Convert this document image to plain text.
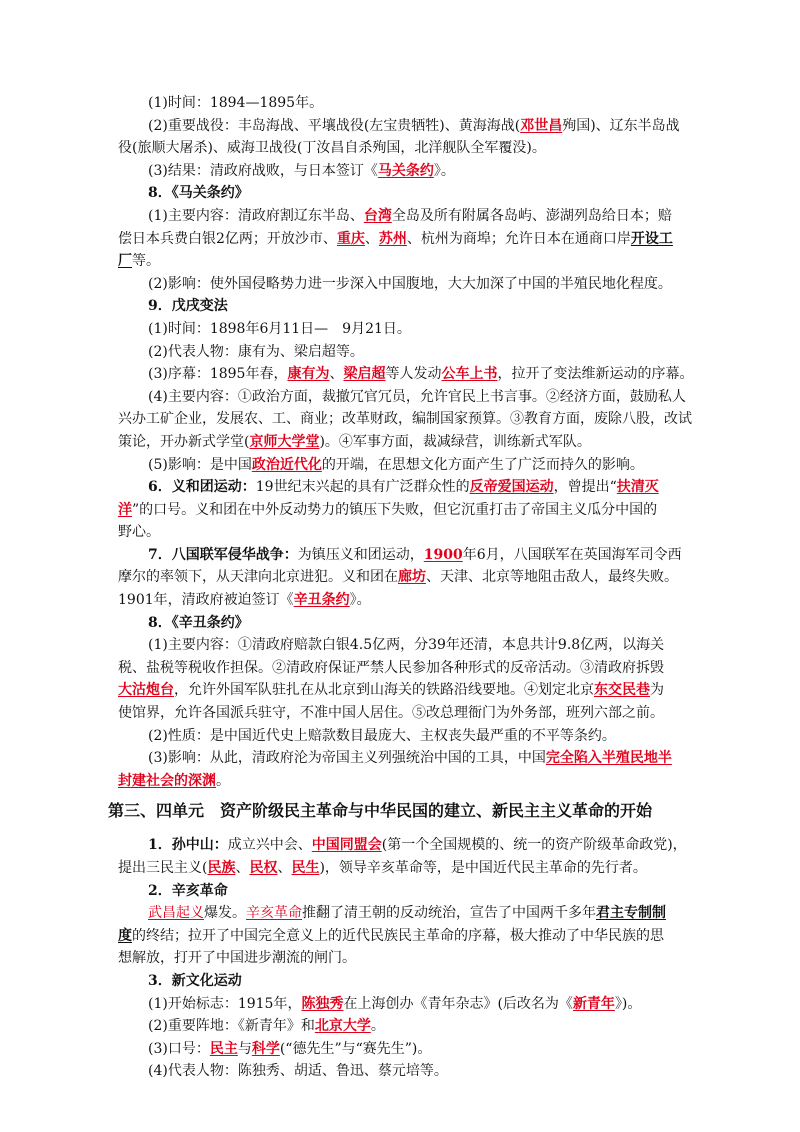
(1)时间：1894—1895年。
(2)重要战役：丰岛海战、平壤战役(左宝贵牺牲)、黄海海战(邓世昌殉国)、辽东半岛战
役(旅顺大屠杀)、威海卫战役(丁汝昌自杀殉国，北洋舰队全军覆没)。
(3)结果：清政府战败，与日本签订《马关条约》。
8．《马关条约》
(1)主要内容：清政府割辽东半岛、台湾全岛及所有附属各岛屿、澎湖列岛给日本；赔
偿日本兵费白银2亿两；开放沙市、重庆、苏州、杭州为商埠；允许日本在通商口岸开设工
厂等。
(2)影响：使外国侵略势力进一步深入中国腹地，大大加深了中国的半殖民地化程度。
9．戊戌变法
(1)时间：1898年6月11日—　9月21日。
(2)代表人物：康有为、梁启超等。
(3)序幕：1895年春，康有为、梁启超等人发动公车上书，拉开了变法维新运动的序幕。
(4)主要内容：①政治方面，裁撤冗官冗员，允许官民上书言事。②经济方面，鼓励私人
兴办工矿企业，发展农、工、商业；改革财政，编制国家预算。③教育方面，废除八股，改试
策论，开办新式学堂(京师大学堂)。④军事方面，裁减绿营，训练新式军队。
(5)影响：是中国政治近代化的开端，在思想文化方面产生了广泛而持久的影响。
6．义和团运动：19世纪末兴起的具有广泛群众性的反帝爱国运动，曾提出“扶清灭
洋”的口号。义和团在中外反动势力的镇压下失败，但它沉重打击了帝国主义瓜分中国的
野心。
7．八国联军侵华战争：为镇压义和团运动，1900年6月，八国联军在英国海军司令西
摩尔的率领下，从天津向北京进犯。义和团在廊坊、天津、北京等地阻击敌人，最终失败。
1901年，清政府被迫签订《辛丑条约》。
8．《辛丑条约》
(1)主要内容：①清政府赔款白银4.5亿两，分39年还清，本息共计9.8亿两，以海关
税、盐税等税收作担保。②清政府保证严禁人民参加各种形式的反帝活动。③清政府拆毁
大沽炮台，允许外国军队驻扎在从北京到山海关的铁路沿线要地。④划定北京东交民巷为
使馆界，允许各国派兵驻守，不准中国人居住。⑤改总理衙门为外务部，班列六部之前。
(2)性质：是中国近代史上赔款数目最庞大、主权丧失最严重的不平等条约。
(3)影响：从此，清政府沦为帝国主义列强统治中国的工具，中国完全陷入半殖民地半
封建社会的深渊。
第三、四单元　资产阶级民主革命与中华民国的建立、新民主主义革命的开始
1．孙中山：成立兴中会、中国同盟会(第一个全国规模的、统一的资产阶级革命政党)，
提出三民主义(民族、民权、民生)，领导辛亥革命等，是中国近代民主革命的先行者。
2．辛亥革命
武昌起义爆发。辛亥革命推翻了清王朝的反动统治，宣告了中国两千多年君主专制制
度的终结；拉开了中国完全意义上的近代民族民主革命的序幕，极大推动了中华民族的思
想解放，打开了中国进步潮流的闸门。
3．新文化运动
(1)开始标志：1915年，陈独秀在上海创办《青年杂志》(后改名为《新青年》)。
(2)重要阵地：《新青年》和北京大学。
(3)口号：民主与科学(“德先生”与“赛先生”)。
(4)代表人物：陈独秀、胡适、鲁迅、蔡元培等。
